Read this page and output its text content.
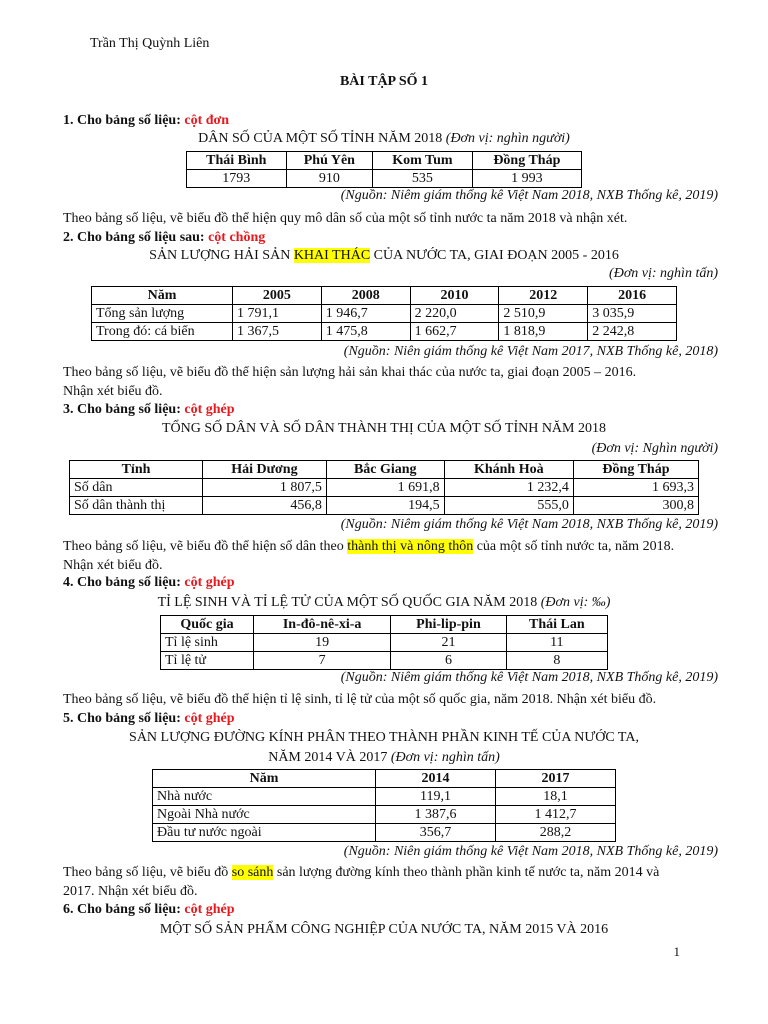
Trần Thị Quỳnh Liên
BÀI TẬP SỐ 1
1. Cho bảng số liệu: cột đơn
DÂN SỐ CỦA MỘT SỐ TỈNH NĂM 2018 (Đơn vị: nghìn người)
Thái Bình	Phú Yên	Kom Tum	Đồng Tháp
1793	910	535	1 993
(Nguồn: Niêm giám thống kê Việt Nam 2018, NXB Thống kê, 2019)
Theo bảng số liệu, vẽ biểu đồ thể hiện quy mô dân số của một số tỉnh nước ta năm 2018 và nhận xét.
2. Cho bảng số liệu sau: cột chồng
SẢN LƯỢNG HẢI SẢN KHAI THÁC CỦA NƯỚC TA, GIAI ĐOẠN 2005 - 2016
(Đơn vị: nghìn tấn)
Năm	2005	2008	2010	2012	2016
Tổng sản lượng	1 791,1	1 946,7	2 220,0	2 510,9	3 035,9
Trong đó: cá biển	1 367,5	1 475,8	1 662,7	1 818,9	2 242,8
(Nguồn: Niên giám thống kê Việt Nam 2017, NXB Thống kê, 2018)
Theo bảng số liệu, vẽ biểu đồ thể hiện sản lượng hải sản khai thác của nước ta, giai đoạn 2005 – 2016.
Nhận xét biểu đồ.
3. Cho bảng số liệu: cột ghép
TỔNG SỐ DÂN VÀ SỐ DÂN THÀNH THỊ CỦA MỘT SỐ TỈNH NĂM 2018
(Đơn vị: Nghìn người)
Tỉnh	Hải Dương	Bắc Giang	Khánh Hoà	Đồng Tháp
Số dân	1 807,5	1 691,8	1 232,4	1 693,3
Số dân thành thị	456,8	194,5	555,0	300,8
(Nguồn: Niêm giám thống kê Việt Nam 2018, NXB Thống kê, 2019)
Theo bảng số liệu, vẽ biểu đồ thể hiện số dân theo thành thị và nông thôn của một số tỉnh nước ta, năm 2018.
Nhận xét biểu đồ.
4. Cho bảng số liệu: cột ghép
TỈ LỆ SINH VÀ TỈ LỆ TỬ CỦA MỘT SỐ QUỐC GIA NĂM 2018 (Đơn vị: ‰)
Quốc gia	In-đô-nê-xi-a	Phi-lip-pin	Thái Lan
Tỉ lệ sinh	19	21	11
Tỉ lệ tử	7	6	8
(Nguồn: Niêm giám thống kê Việt Nam 2018, NXB Thống kê, 2019)
Theo bảng số liệu, vẽ biểu đồ thể hiện tỉ lệ sinh, tỉ lệ tử của một số quốc gia, năm 2018. Nhận xét biểu đồ.
5. Cho bảng số liệu: cột ghép
SẢN LƯỢNG ĐƯỜNG KÍNH PHÂN THEO THÀNH PHẦN KINH TẾ CỦA NƯỚC TA,
NĂM 2014 VÀ 2017 (Đơn vị: nghìn tấn)
Năm	2014	2017
Nhà nước	119,1	18,1
Ngoài Nhà nước	1 387,6	1 412,7
Đầu tư nước ngoài	356,7	288,2
(Nguồn: Niên giám thống kê Việt Nam 2018, NXB Thống kê, 2019)
Theo bảng số liệu, vẽ biểu đồ so sánh sản lượng đường kính theo thành phần kinh tế nước ta, năm 2014 và
2017. Nhận xét biểu đồ.
6. Cho bảng số liệu: cột ghép
MỘT SỐ SẢN PHẨM CÔNG NGHIỆP CỦA NƯỚC TA, NĂM 2015 VÀ 2016
1
